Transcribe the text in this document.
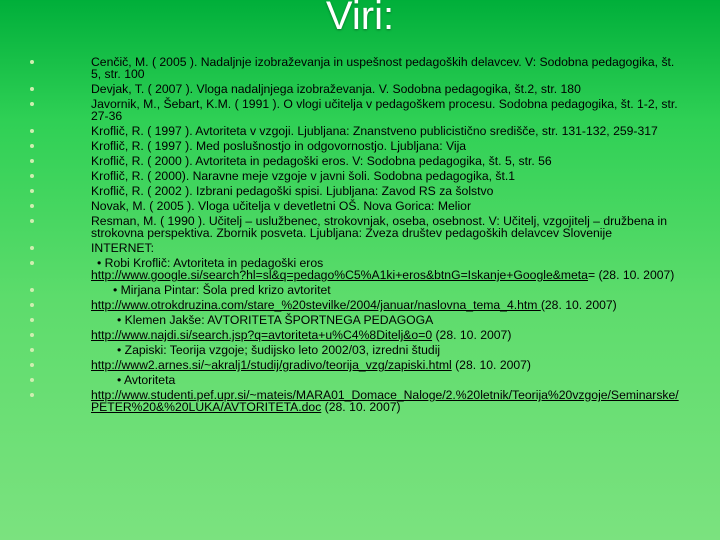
Viri:
Cenčič, M. ( 2005 ). Nadaljnje izobraževanja in uspešnost pedagoških delavcev. V: Sodobna pedagogika, št. 5, str. 100
Devjak, T. ( 2007 ). Vloga nadaljnjega izobraževanja. V. Sodobna pedagogika, št.2, str. 180
Javornik, M., Šebart, K.M. ( 1991 ). O vlogi učitelja v pedagoškem procesu. Sodobna pedagogika, št. 1-2, str. 27-36
Kroflič, R. ( 1997 ). Avtoriteta v vzgoji. Ljubljana: Znanstveno publicistično središče, str. 131-132, 259-317
Kroflič, R. ( 1997 ). Med poslušnostjo in odgovornostjo. Ljubljana: Vija
Kroflič, R. ( 2000 ). Avtoriteta in pedagoški eros. V: Sodobna pedagogika, št. 5, str. 56
Kroflič, R. ( 2000). Naravne meje vzgoje v javni šoli. Sodobna pedagogika, št.1
Kroflič, R. ( 2002 ). Izbrani pedagoški spisi. Ljubljana: Zavod RS za šolstvo
Novak, M. ( 2005 ). Vloga učitelja v devetletni OŠ. Nova Gorica: Melior
Resman, M. ( 1990 ). Učitelj – uslužbenec, strokovnjak, oseba, osebnost. V: Učitelj, vzgojitelj – družbena in strokovna perspektiva. Zbornik posveta. Ljubljana: Zveza društev pedagoških delavcev Slovenije
INTERNET:
• Robi Kroflič: Avtoriteta in pedagoški eros
http://www.google.si/search?hl=sl&q=pedago%C5%A1ki+eros&btnG=Iskanje+Google&meta= (28. 10. 2007)
• Mirjana Pintar: Šola pred krizo avtoritet
http://www.otrokdruzina.com/stare_%20stevilke/2004/januar/naslovna_tema_4.htm (28. 10. 2007)
• Klemen Jakše: AVTORITETA ŠPORTNEGA PEDAGOGA
http://www.najdi.si/search.jsp?q=avtoriteta+u%C4%8Ditelj&o=0 (28. 10. 2007)
• Zapiski: Teorija vzgoje; šudijsko leto 2002/03, izredni študij
http://www2.arnes.si/~akralj1/studij/gradivo/teorija_vzg/zapiski.html (28. 10. 2007)
• Avtoriteta
http://www.studenti.pef.upr.si/~mateis/MARA01_Domace_Naloge/2.%20letnik/Teorija%20vzgoje/Seminarske/PETER%20&%20LUKA/AVTORITETA.doc (28. 10. 2007)
